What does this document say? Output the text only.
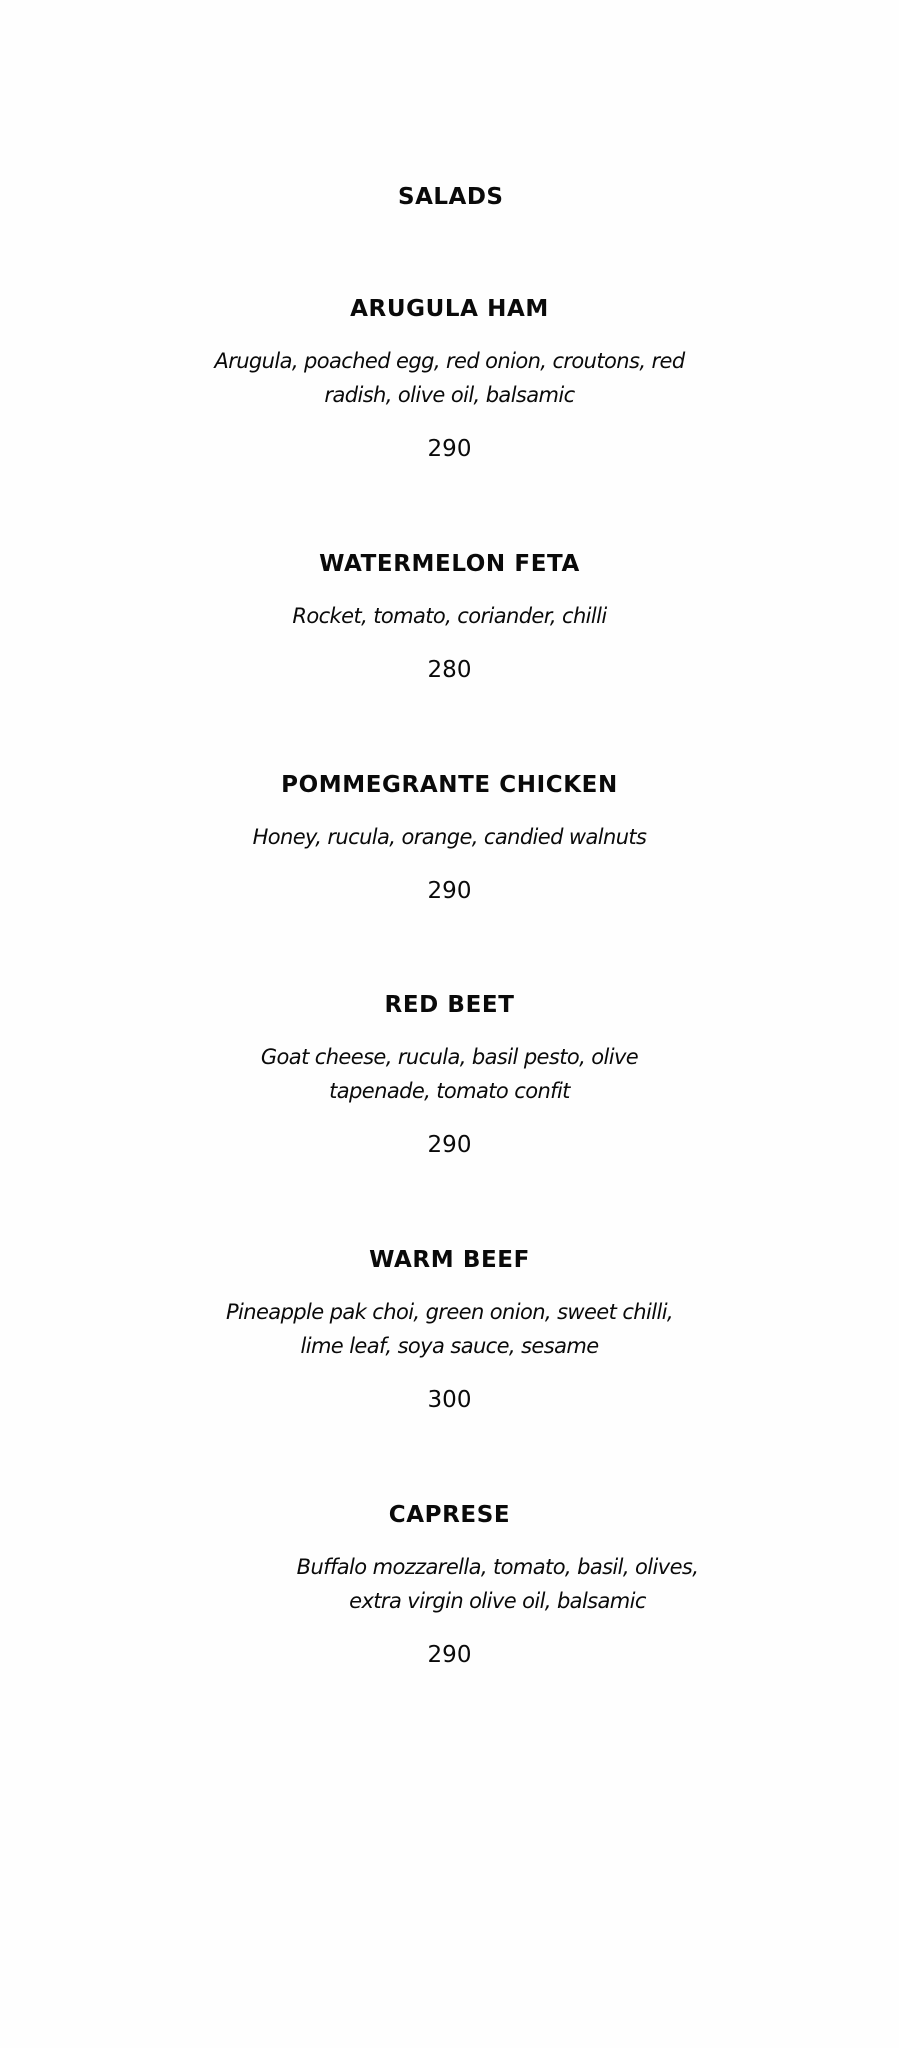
SALADS
ARUGULA HAM

Arugula, poached egg, red onion, croutons, red radish, olive oil, balsamic

290

WATERMELON FETA

Rocket, tomato, coriander, chilli

280

POMMEGRANTE CHICKEN

Honey, rucula, orange, candied walnuts

290

RED BEET

Goat cheese, rucula, basil pesto, olive tapenade, tomato confit

290

WARM BEEF

Pineapple pak choi, green onion, sweet chilli, lime leaf, soya sauce, sesame

300

CAPRESE

Buffalo mozzarella, tomato, basil, olives, extra virgin olive oil, balsamic

290
